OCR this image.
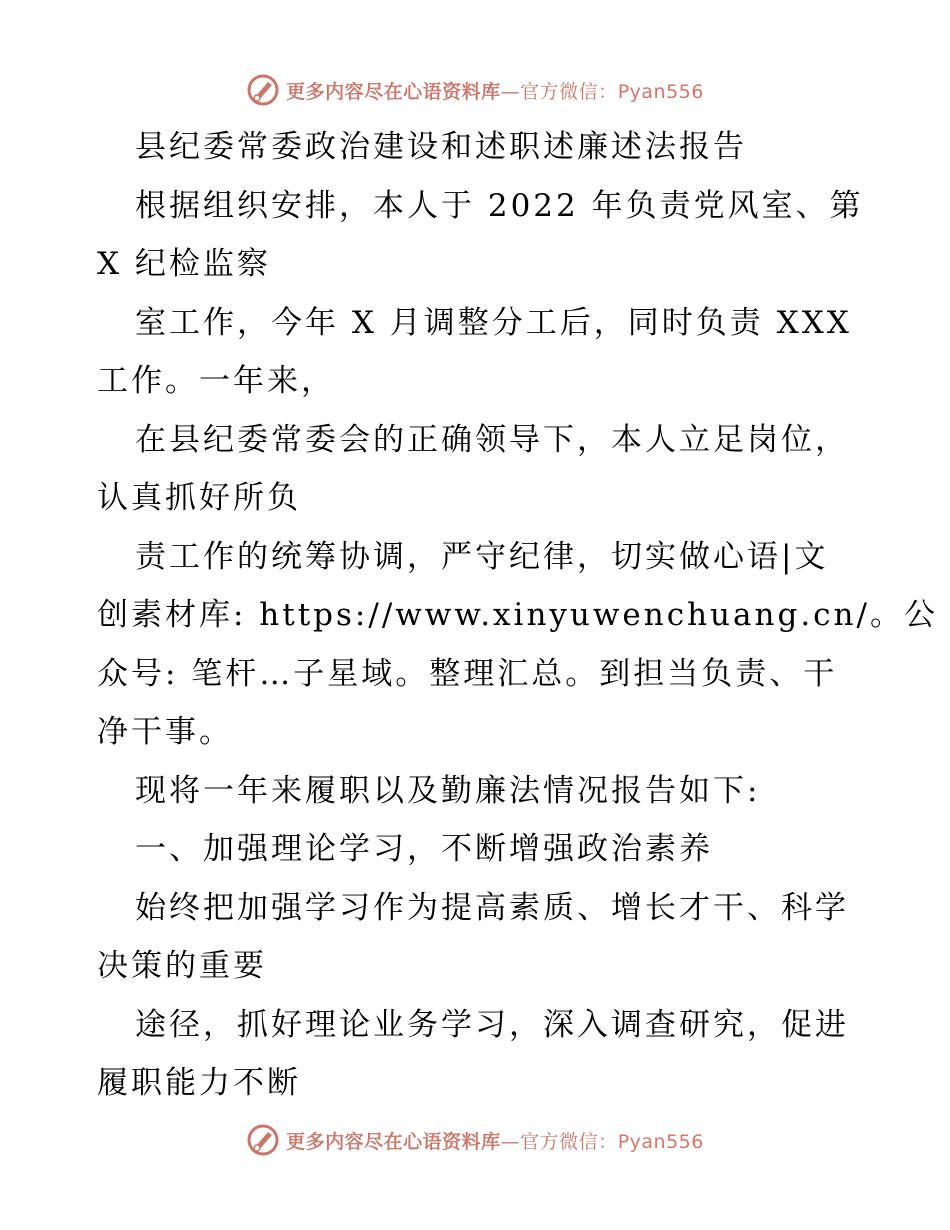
更多内容尽在心语资料库—官方微信：Pyan556

县纪委常委政治建设和述职述廉述法报告

根据组织安排，本人于 2022 年负责党风室、第

X 纪检监察

室工作，今年 X 月调整分工后，同时负责 XXX

工作。一年来，

在县纪委常委会的正确领导下，本人立足岗位，

认真抓好所负

责工作的统筹协调，严守纪律，切实做心语|文

创素材库: https://www.xinyuwenchuang.cn/。公

众号: 笔杆…子星域。整理汇总。到担当负责、干

净干事。

现将一年来履职以及勤廉法情况报告如下:

一、加强理论学习，不断增强政治素养

始终把加强学习作为提高素质、增长才干、科学

决策的重要

途径，抓好理论业务学习，深入调查研究，促进

履职能力不断

更多内容尽在心语资料库—官方微信：Pyan556
